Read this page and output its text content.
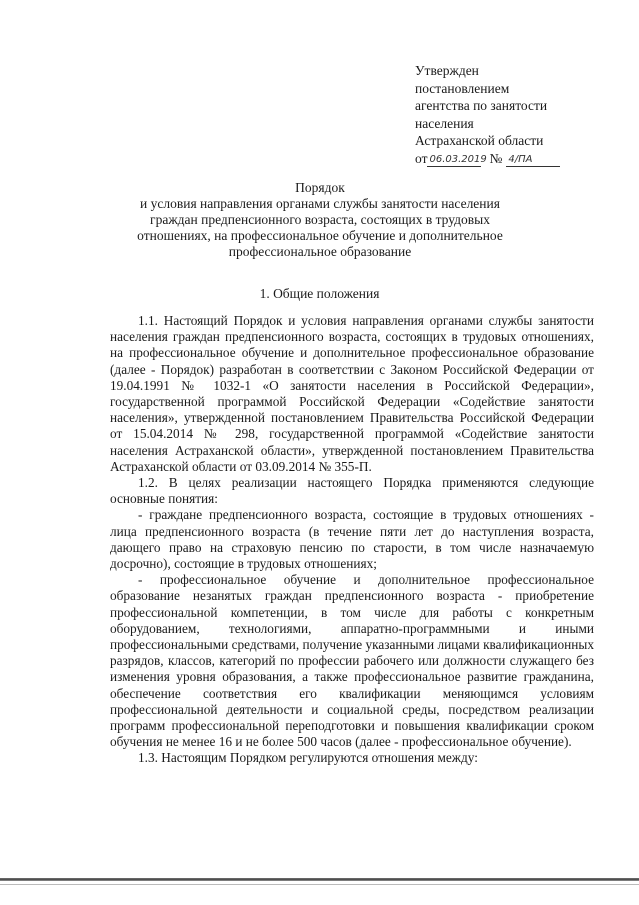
Утвержден
постановлением
агентства по занятости
населения
Астраханской области
от 06.03.2019 № 4/ПА
Порядок
и условия направления органами службы занятости населения
граждан предпенсионного возраста, состоящих в трудовых
отношениях, на профессиональное обучение и дополнительное
профессиональное образование
1. Общие положения

1.1. Настоящий Порядок и условия направления органами службы занятости населения граждан предпенсионного возраста, состоящих в трудовых отношениях, на профессиональное обучение и дополнительное профессиональное образование (далее - Порядок) разработан в соответствии с Законом Российской Федерации от 19.04.1991 № 1032-1 «О занятости населения в Российской Федерации», государственной программой Российской Федерации «Содействие занятости населения», утвержденной постановлением Правительства Российской Федерации от 15.04.2014 № 298, государственной программой «Содействие занятости населения Астраханской области», утвержденной постановлением Правительства Астраханской области от 03.09.2014 № 355-П.

1.2. В целях реализации настоящего Порядка применяются следующие основные понятия:

- граждане предпенсионного возраста, состоящие в трудовых отношениях - лица предпенсионного возраста (в течение пяти лет до наступления возраста, дающего право на страховую пенсию по старости, в том числе назначаемую досрочно), состоящие в трудовых отношениях;

- профессиональное обучение и дополнительное профессиональное образование незанятых граждан предпенсионного возраста - приобретение профессиональной компетенции, в том числе для работы с конкретным оборудованием, технологиями, аппаратно-программными и иными профессиональными средствами, получение указанными лицами квалификационных разрядов, классов, категорий по профессии рабочего или должности служащего без изменения уровня образования, а также профессиональное развитие гражданина, обеспечение соответствия его квалификации меняющимся условиям профессиональной деятельности и социальной среды, посредством реализации программ профессиональной переподготовки и повышения квалификации сроком обучения не менее 16 и не более 500 часов (далее - профессиональное обучение).

1.3. Настоящим Порядком регулируются отношения между:
